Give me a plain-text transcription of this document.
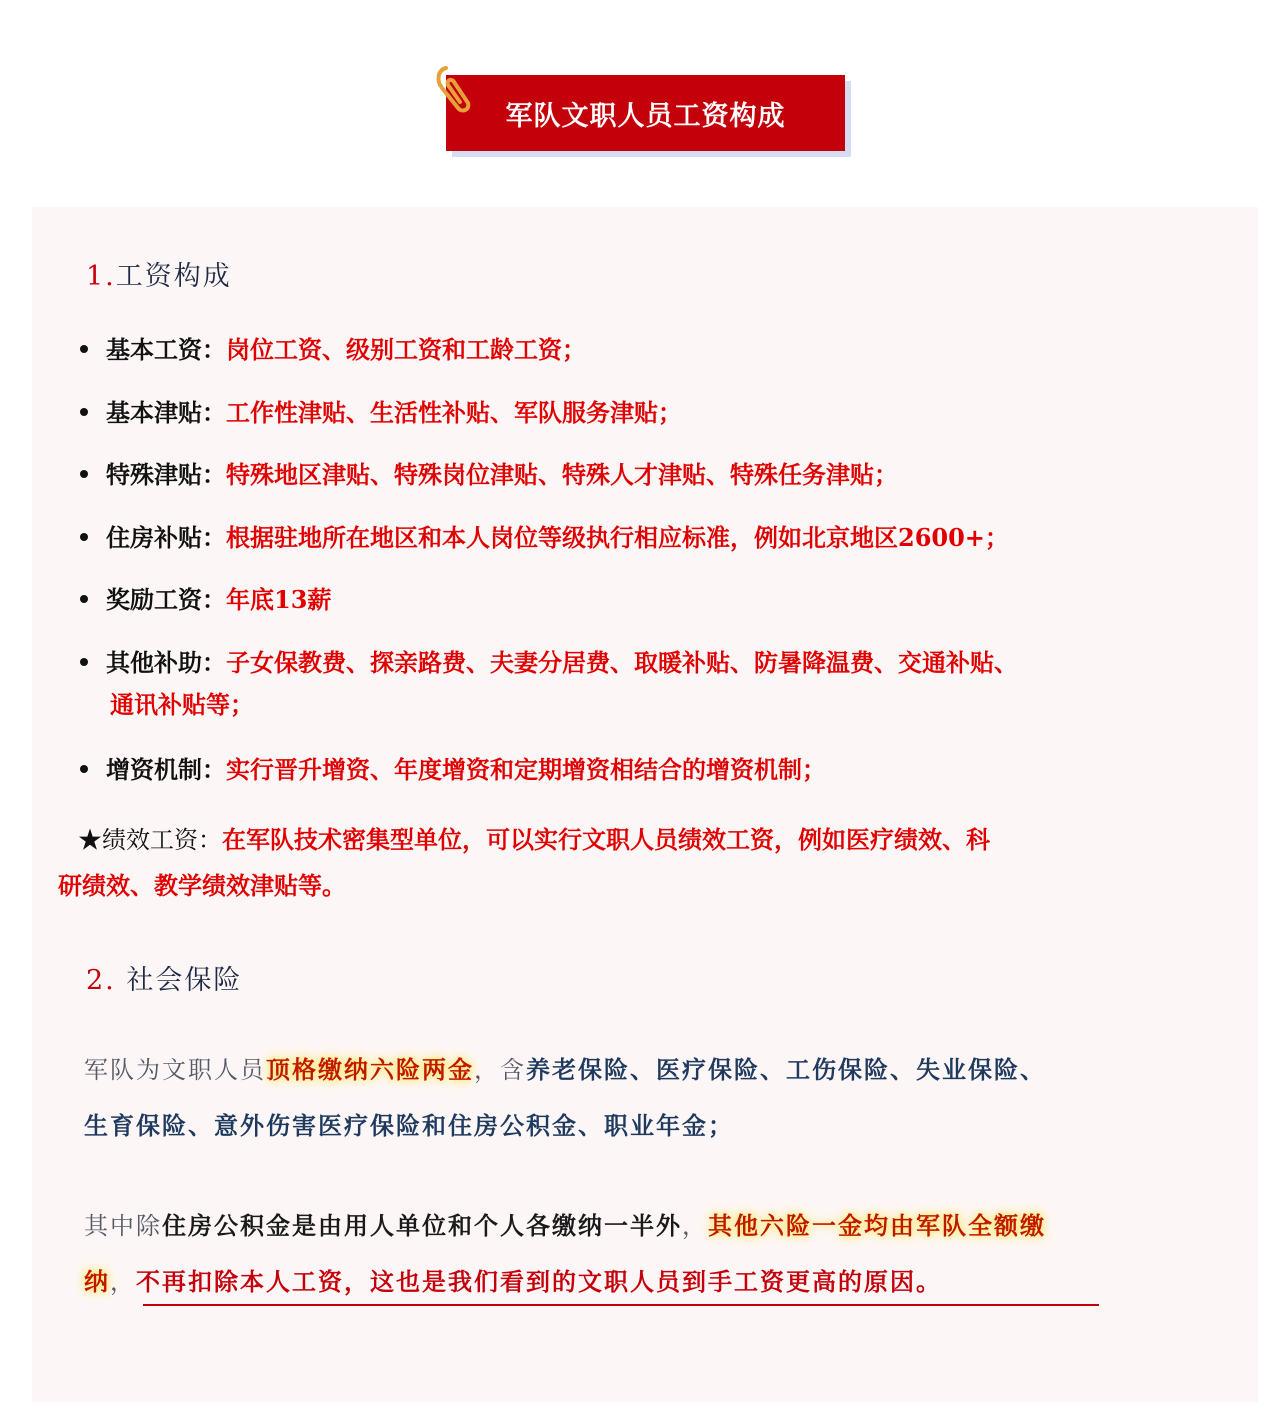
军队文职人员工资构成
1.工资构成
基本工资：岗位工资、级别工资和工龄工资；
基本津贴：工作性津贴、生活性补贴、军队服务津贴；
特殊津贴：特殊地区津贴、特殊岗位津贴、特殊人才津贴、特殊任务津贴；
住房补贴：根据驻地所在地区和本人岗位等级执行相应标准，例如北京地区2600+；
奖励工资：年底13薪
其他补助：子女保教费、探亲路费、夫妻分居费、取暖补贴、防暑降温费、交通补贴、
通讯补贴等；
增资机制：实行晋升增资、年度增资和定期增资相结合的增资机制；
★绩效工资：在军队技术密集型单位，可以实行文职人员绩效工资，例如医疗绩效、科
研绩效、教学绩效津贴等。
2. 社会保险
军队为文职人员顶格缴纳六险两金，含养老保险、医疗保险、工伤保险、失业保险、
生育保险、意外伤害医疗保险和住房公积金、职业年金；
其中除住房公积金是由用人单位和个人各缴纳一半外，其他六险一金均由军队全额缴
纳，不再扣除本人工资，这也是我们看到的文职人员到手工资更高的原因。
